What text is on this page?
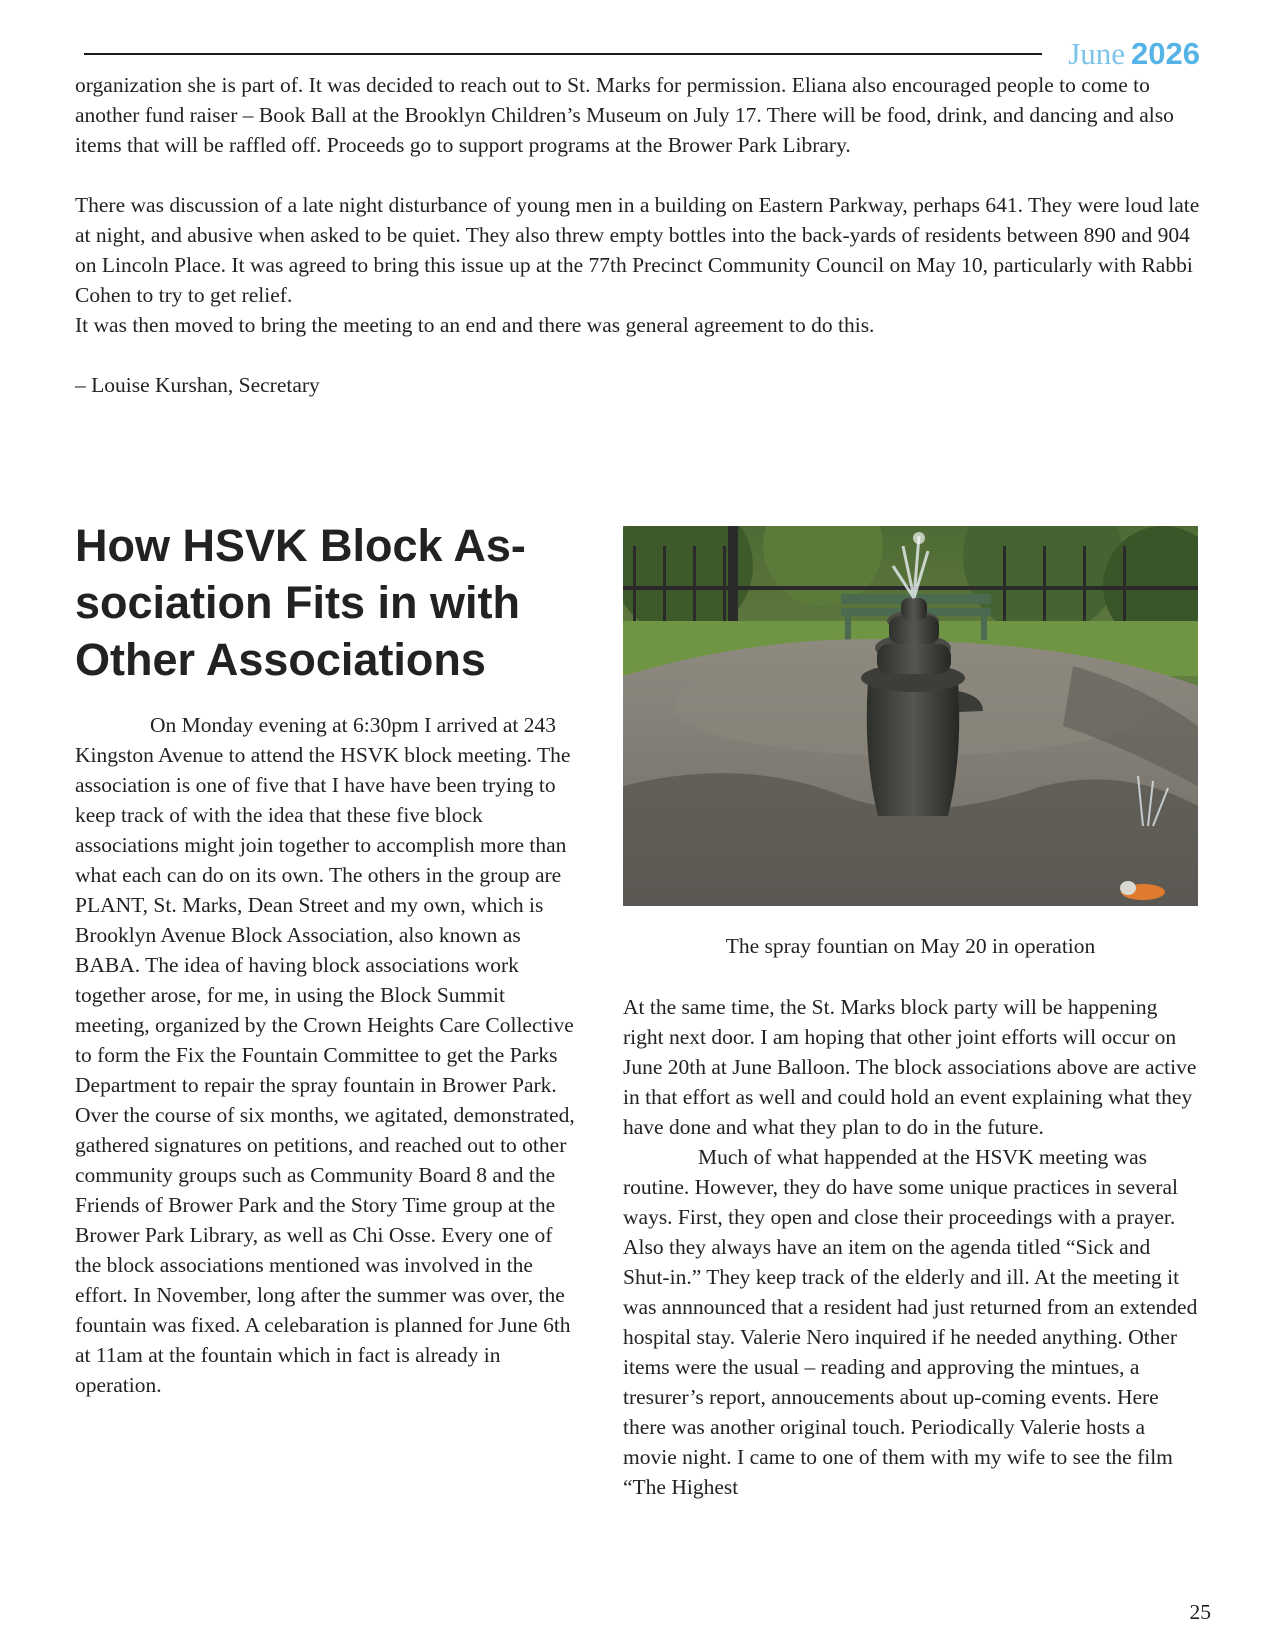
June 2026

organization she is part of. It was decided to reach out to St. Marks for permission. Eliana also encouraged people to come to another fund raiser – Book Ball at the Brooklyn Children’s Museum on July 17. There will be food, drink, and dancing and also items that will be raffled off. Proceeds go to support programs at the Brower Park Library.

There was discussion of a late night disturbance of young men in a building on Eastern Parkway, perhaps 641. They were loud late at night, and abusive when asked to be quiet. They also threw empty bottles into the back-yards of residents between 890 and 904 on Lincoln Place. It was agreed to bring this issue up at the 77th Precinct Community Council on May 10, particularly with Rabbi Cohen to try to get relief.

It was then moved to bring the meeting to an end and there was general agreement to do this.

– Louise Kurshan, Secretary

How HSVK Block As-sociation Fits in with Other Associations

On Monday evening at 6:30pm I arrived at 243 Kingston Avenue to attend the HSVK block meeting. The association is one of five that I have have been trying to keep track of with the idea that these five block associations might join together to accomplish more than what each can do on its own. The others in the group are PLANT, St. Marks, Dean Street and my own, which is Brooklyn Avenue Block Association, also known as BABA. The idea of having block associations work together arose, for me, in using the Block Summit meeting, organized by the Crown Heights Care Collective to form the Fix the Fountain Committee to get the Parks Department to repair the spray fountain in Brower Park. Over the course of six months, we agitated, demonstrated, gathered signatures on petitions, and reached out to other community groups such as Community Board 8 and the Friends of Brower Park and the Story Time group at the Brower Park Library, as well as Chi Osse. Every one of the block associations mentioned was involved in the effort. In November, long after the summer was over, the fountain was fixed. A celebaration is planned for June 6th at 11am at the fountain which in fact is already in operation.

The spray fountian on May 20 in operation

At the same time, the St. Marks block party will be happening right next door. I am hoping that other joint efforts will occur on June 20th at June Balloon. The block associations above are active in that effort as well and could hold an event explaining what they have done and what they plan to do in the future.

Much of what happended at the HSVK meeting was routine. However, they do have some unique practices in several ways. First, they open and close their proceedings with a prayer. Also they always have an item on the agenda titled “Sick and Shut-in.” They keep track of the elderly and ill. At the meeting it was annnounced that a resident had just returned from an extended hospital stay. Valerie Nero inquired if he needed anything. Other items were the usual – reading and approving the mintues, a tresurer’s report, annoucements about up-coming events. Here there was another original touch. Periodically Valerie hosts a movie night. I came to one of them with my wife to see the film “The Highest

25
